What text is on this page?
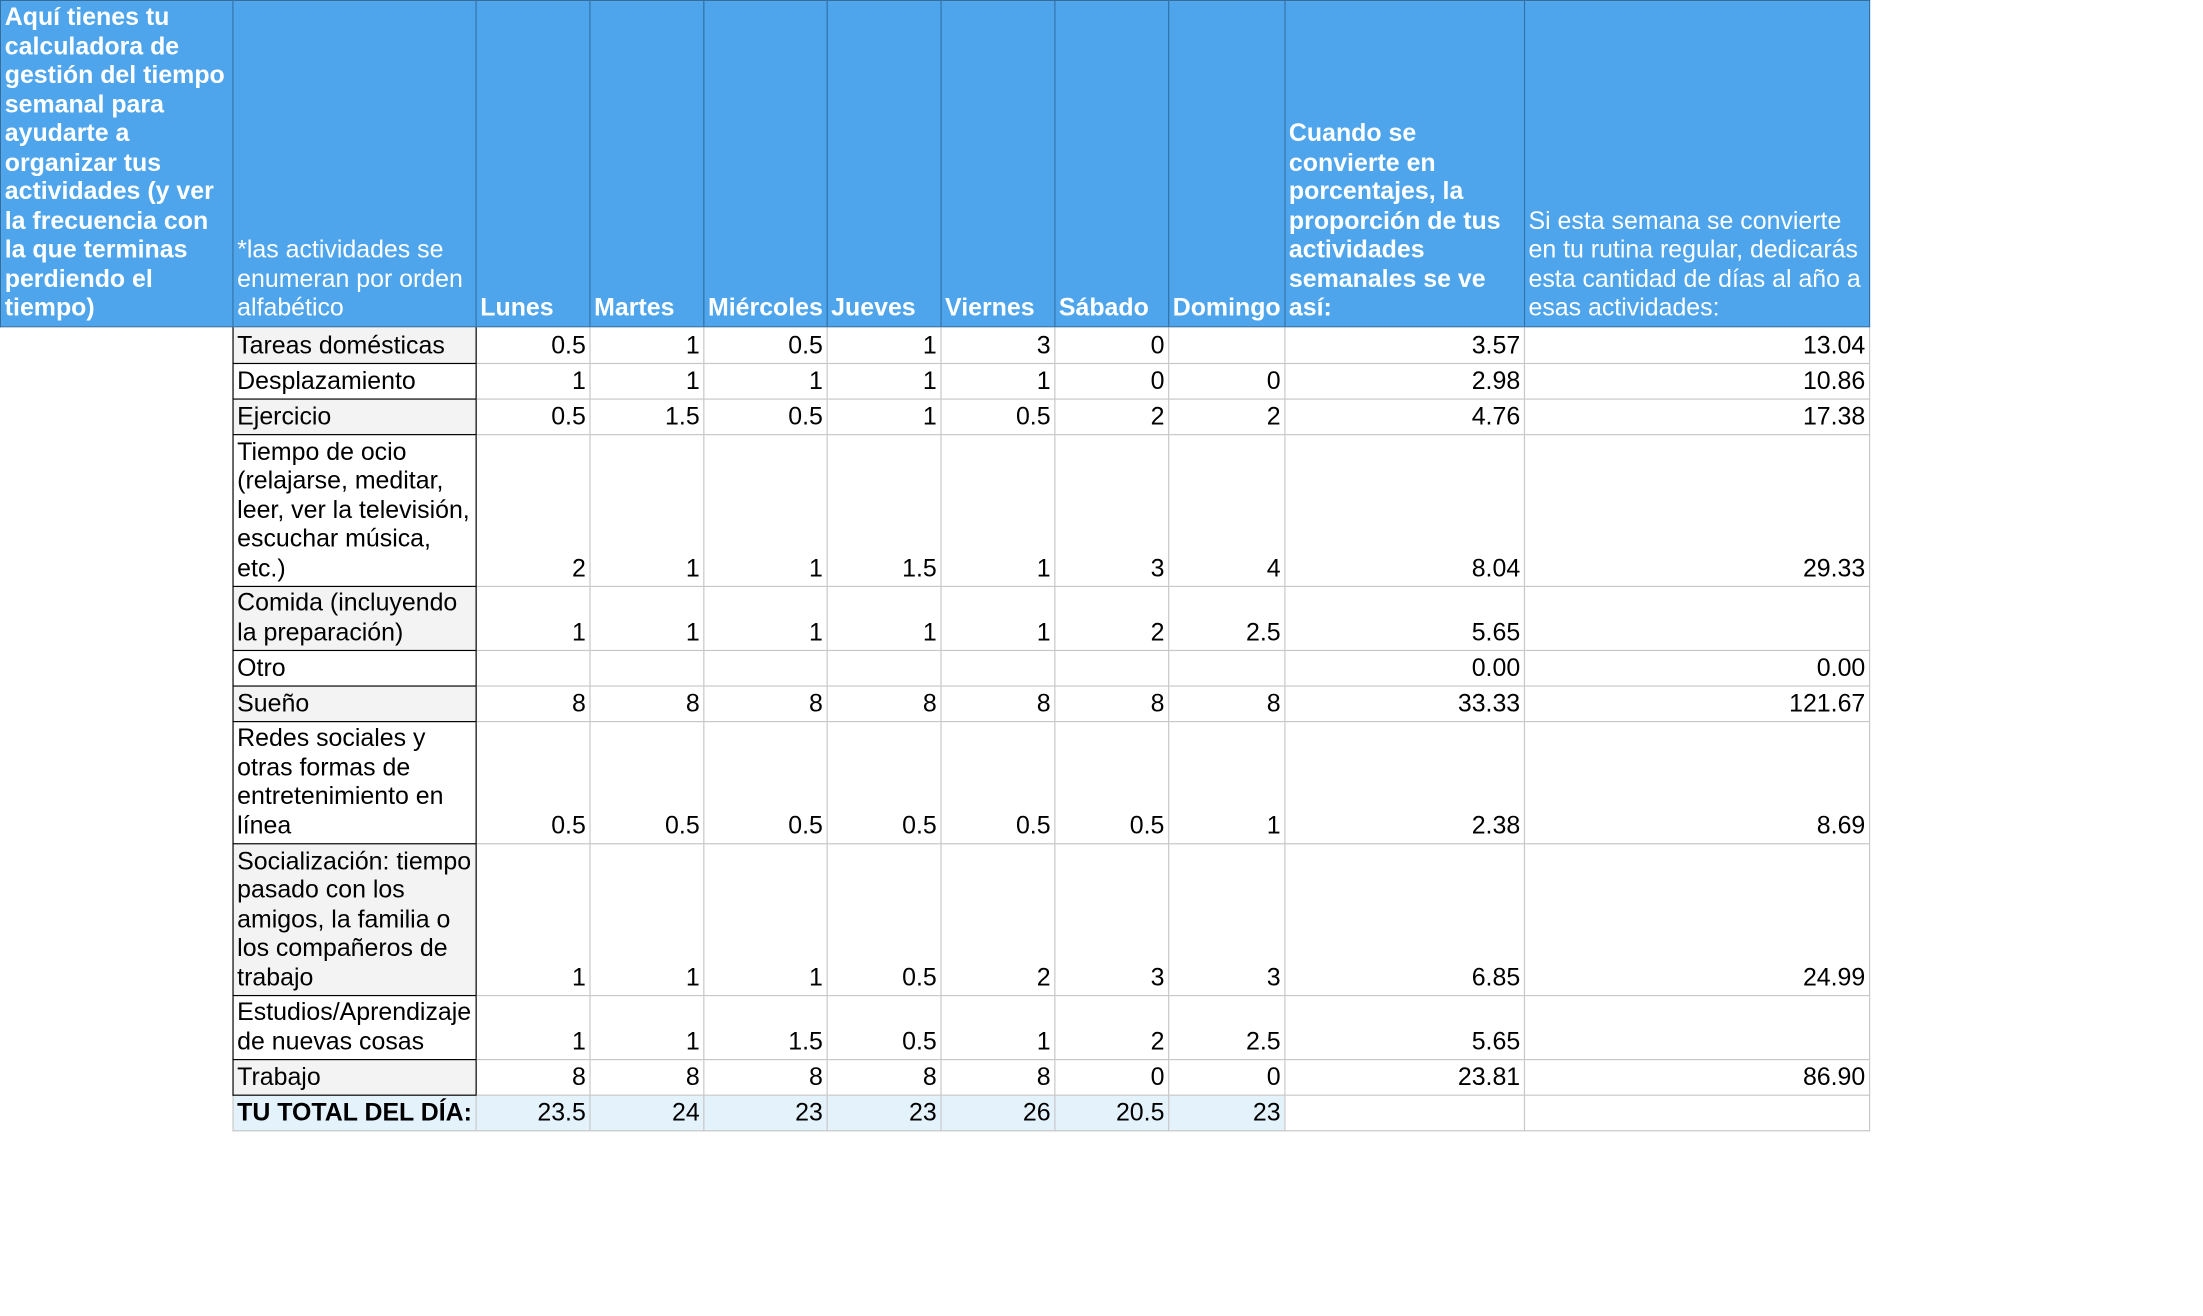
Aquí tienes tu calculadora de gestión del tiempo semanal para ayudarte a organizar tus actividades (y ver la frecuencia con la que terminas perdiendo el tiempo)	*las actividades se enumeran por orden alfabético	Lunes	Martes	Miércoles	Jueves	Viernes	Sábado	Domingo	Cuando se convierte en porcentajes, la proporción de tus actividades semanales se ve así:	Si esta semana se convierte en tu rutina regular, dedicarás esta cantidad de días al año a esas actividades:
	Tareas domésticas	0.5	1	0.5	1	3	0		3.57	13.04
	Desplazamiento	1	1	1	1	1	0	0	2.98	10.86
	Ejercicio	0.5	1.5	0.5	1	0.5	2	2	4.76	17.38
	Tiempo de ocio (relajarse, meditar, leer, ver la televisión, escuchar música, etc.)	2	1	1	1.5	1	3	4	8.04	29.33
	Comida (incluyendo la preparación)	1	1	1	1	1	2	2.5	5.65	
	Otro								0.00	0.00
	Sueño	8	8	8	8	8	8	8	33.33	121.67
	Redes sociales y otras formas de entretenimiento en línea	0.5	0.5	0.5	0.5	0.5	0.5	1	2.38	8.69
	Socialización: tiempo pasado con los amigos, la familia o los compañeros de trabajo	1	1	1	0.5	2	3	3	6.85	24.99
	Estudios/Aprendizaje de nuevas cosas	1	1	1.5	0.5	1	2	2.5	5.65	
	Trabajo	8	8	8	8	8	0	0	23.81	86.90
	TU TOTAL DEL DÍA:	23.5	24	23	23	26	20.5	23		
